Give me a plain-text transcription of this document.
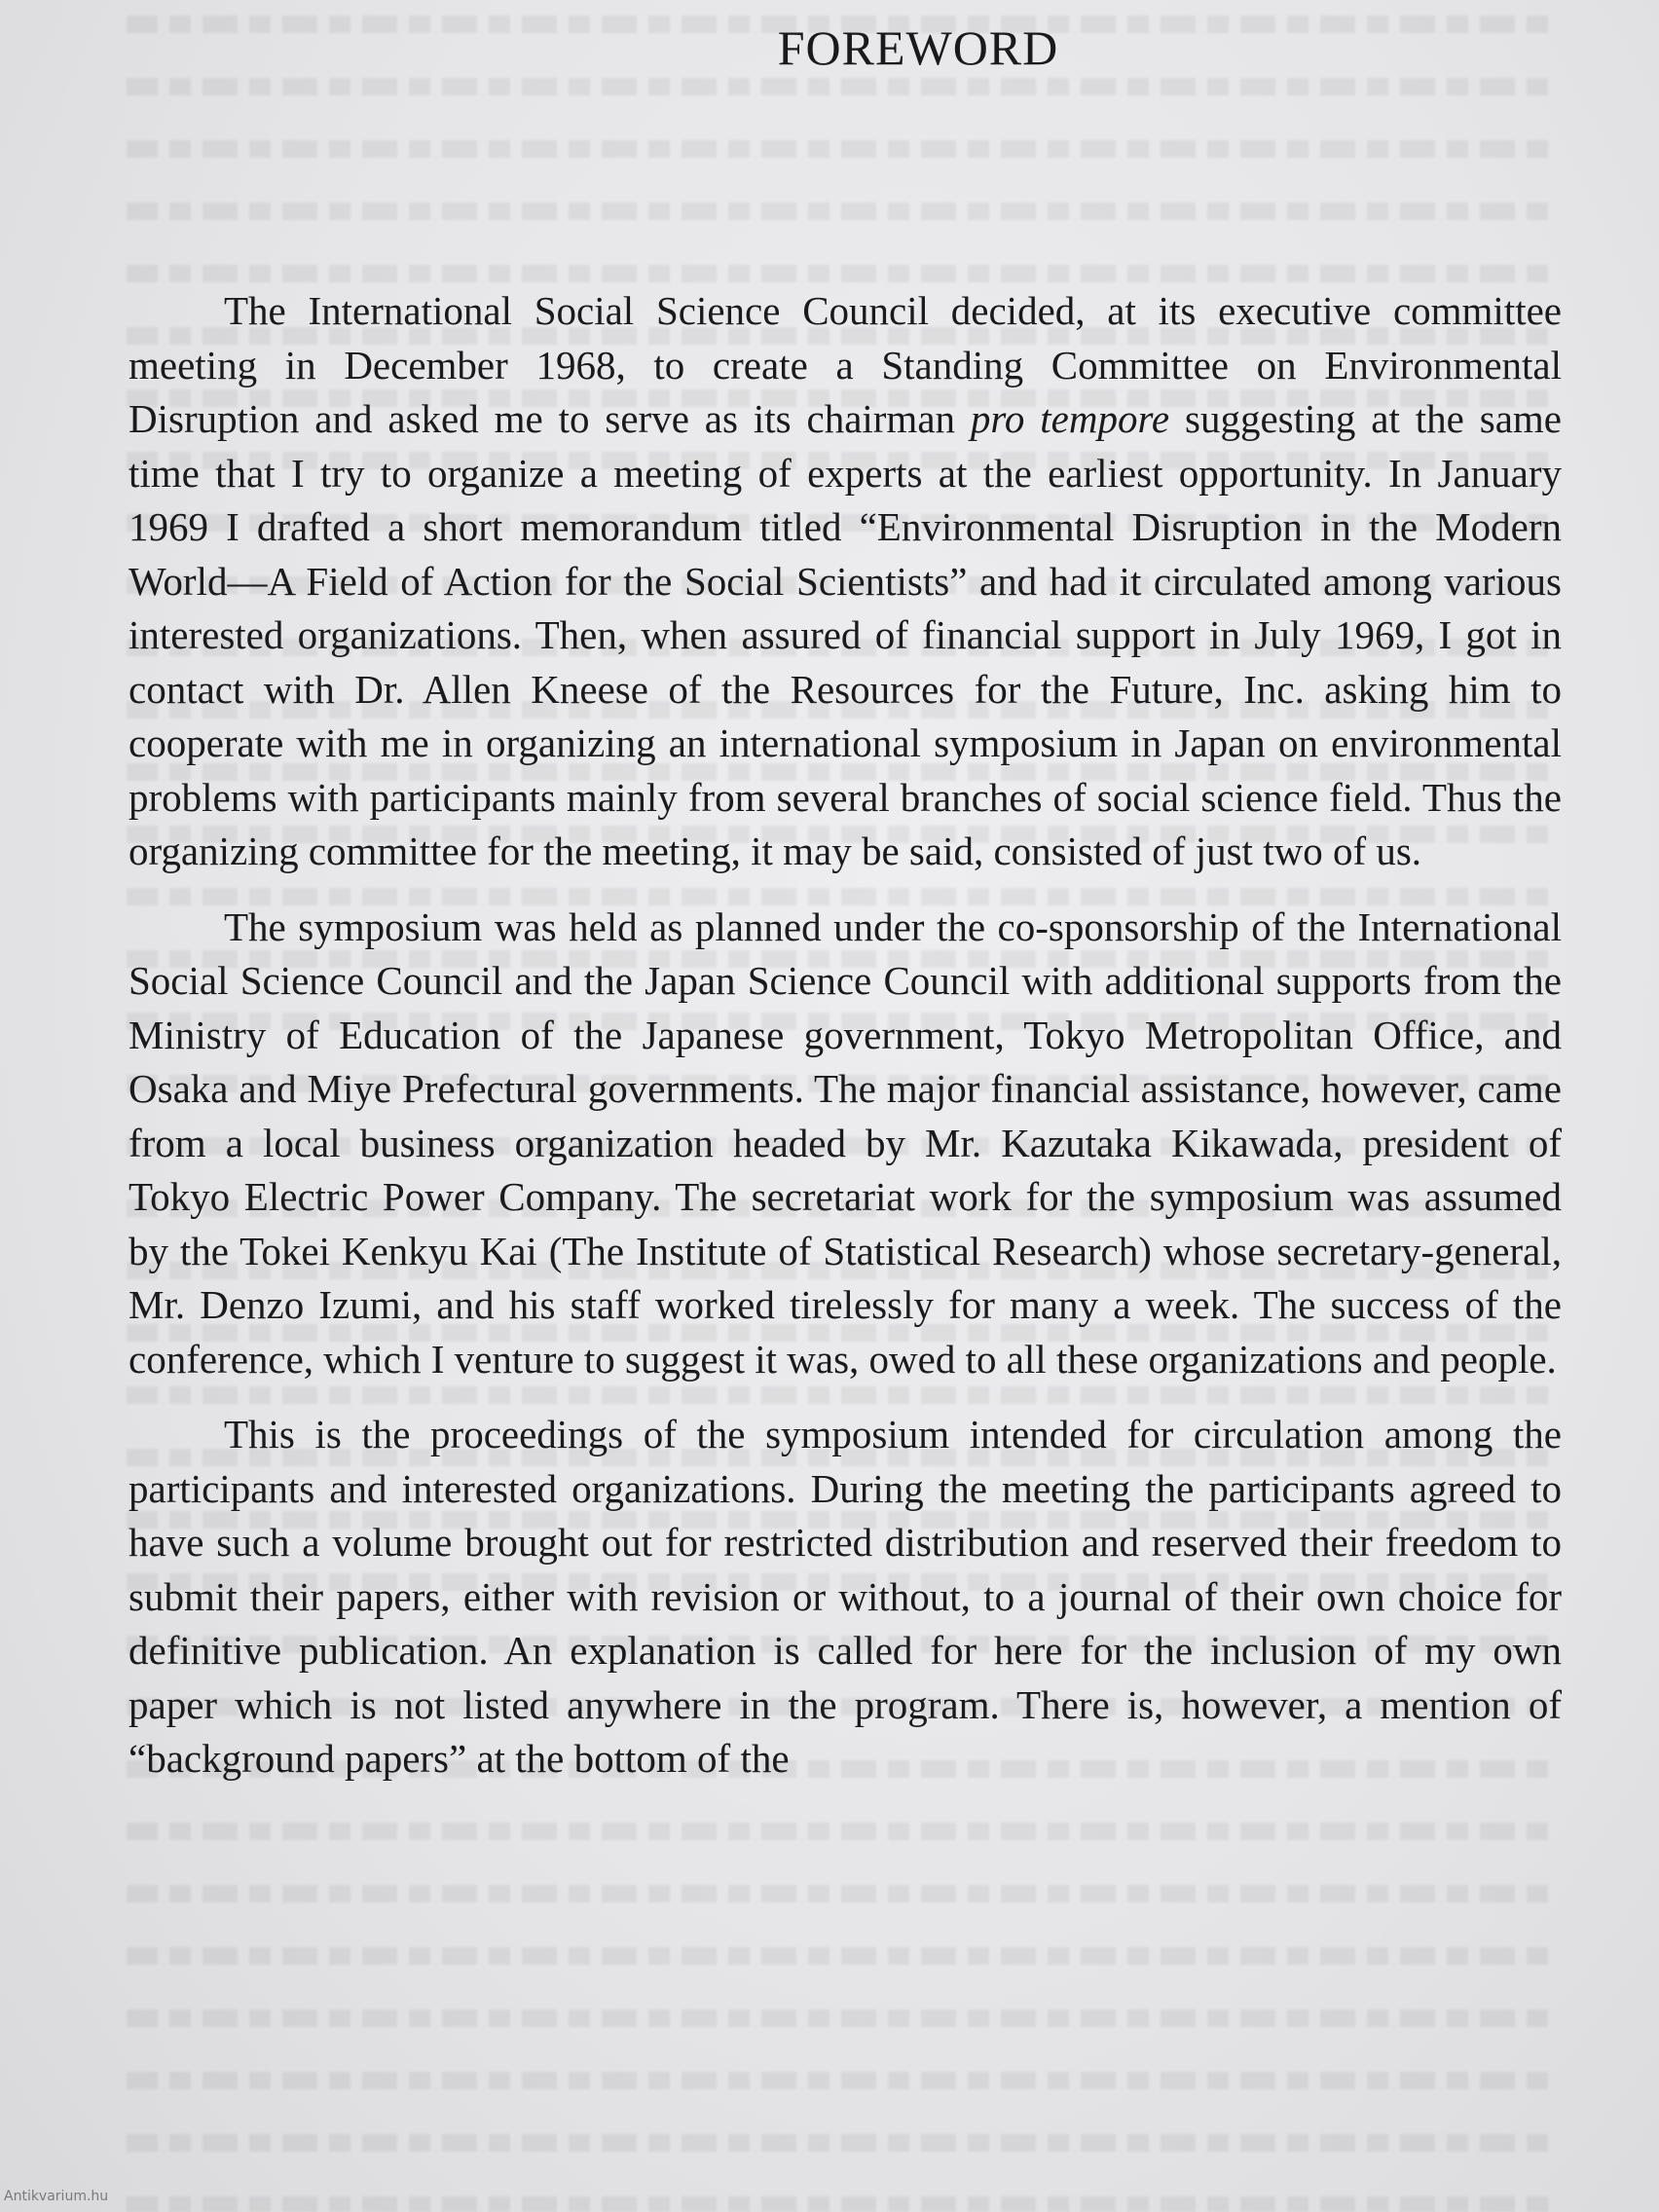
FOREWORD

The International Social Science Council decided, at its executive committee meeting in December 1968, to create a Standing Committee on Environmental Disruption and asked me to serve as its chairman pro tempore suggesting at the same time that I try to organize a meeting of experts at the earliest opportunity. In January 1969 I drafted a short memorandum titled “Environmental Disruption in the Modern World—A Field of Action for the Social Scientists” and had it circulated among various interested organizations. Then, when assured of financial support in July 1969, I got in contact with Dr. Allen Kneese of the Resources for the Future, Inc. asking him to cooperate with me in organizing an international symposium in Japan on environmental problems with participants mainly from several branches of social science field. Thus the organizing committee for the meeting, it may be said, consisted of just two of us.

The symposium was held as planned under the co-sponsorship of the International Social Science Council and the Japan Science Council with additional supports from the Ministry of Education of the Japanese government, Tokyo Metropolitan Office, and Osaka and Miye Prefectural governments. The major financial assistance, however, came from a local business organization headed by Mr. Kazutaka Kikawada, president of Tokyo Electric Power Company. The secretariat work for the symposium was assumed by the Tokei Kenkyu Kai (The Institute of Statistical Research) whose secretary-general, Mr. Denzo Izumi, and his staff worked tirelessly for many a week. The success of the conference, which I venture to suggest it was, owed to all these organizations and people.

This is the proceedings of the symposium intended for circulation among the participants and interested organizations. During the meeting the participants agreed to have such a volume brought out for restricted distribution and reserved their freedom to submit their papers, either with revision or without, to a journal of their own choice for definitive publication. An explanation is called for here for the inclusion of my own paper which is not listed anywhere in the program. There is, however, a mention of “background papers” at the bottom of the

Antikvarium.hu
